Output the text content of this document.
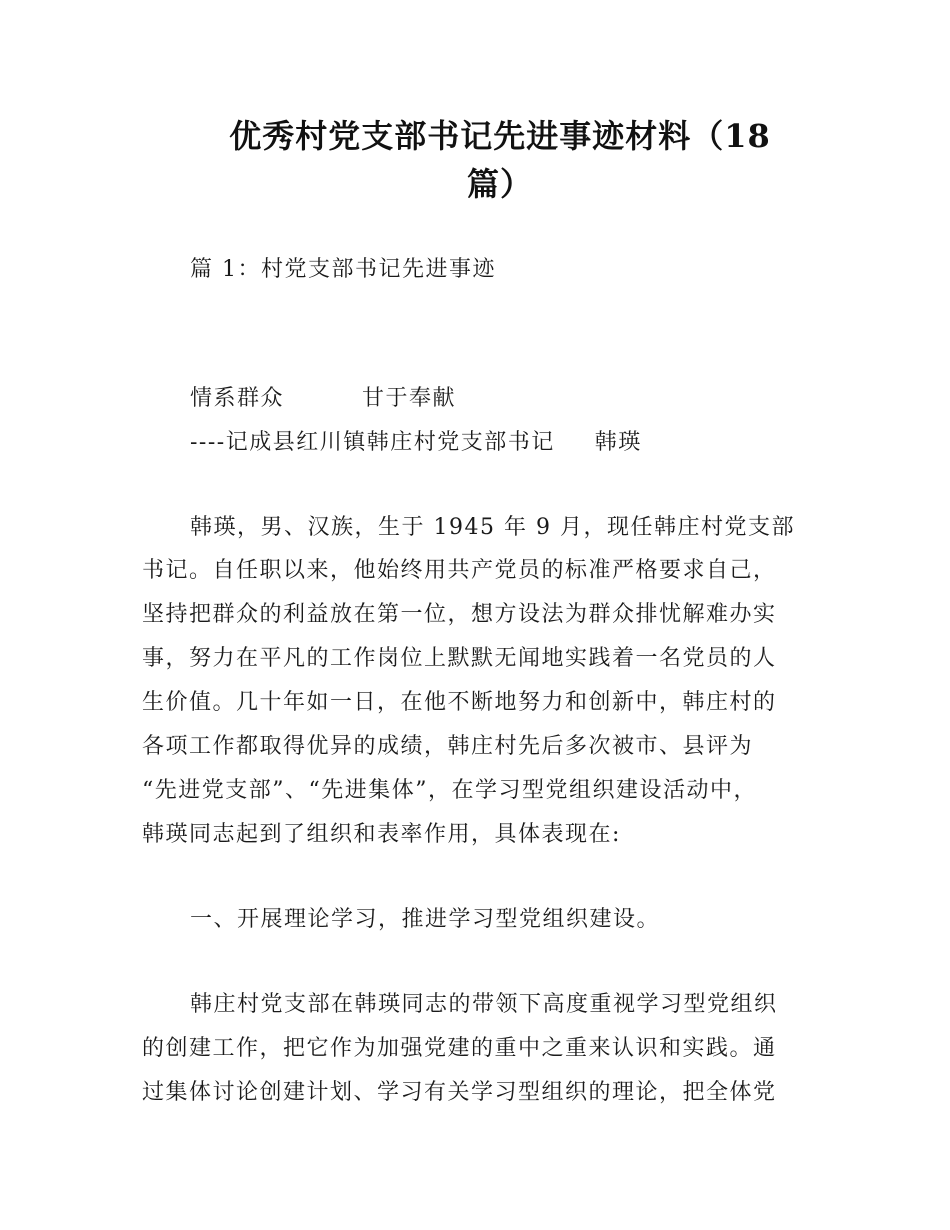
优秀村党支部书记先进事迹材料（18
篇）
篇 1：村党支部书记先进事迹
情系群众	甘于奉献
----记成县红川镇韩庄村党支部书记 韩瑛
韩瑛，男、汉族，生于 1945 年 9 月，现任韩庄村党支部
书记。自任职以来，他始终用共产党员的标准严格要求自己，
坚持把群众的利益放在第一位，想方设法为群众排忧解难办实
事，努力在平凡的工作岗位上默默无闻地实践着一名党员的人
生价值。几十年如一日，在他不断地努力和创新中，韩庄村的
各项工作都取得优异的成绩，韩庄村先后多次被市、县评为
“先进党支部”、“先进集体”，在学习型党组织建设活动中，
韩瑛同志起到了组织和表率作用，具体表现在:
一、开展理论学习，推进学习型党组织建设。
韩庄村党支部在韩瑛同志的带领下高度重视学习型党组织
的创建工作，把它作为加强党建的重中之重来认识和实践。通
过集体讨论创建计划、学习有关学习型组织的理论，把全体党
